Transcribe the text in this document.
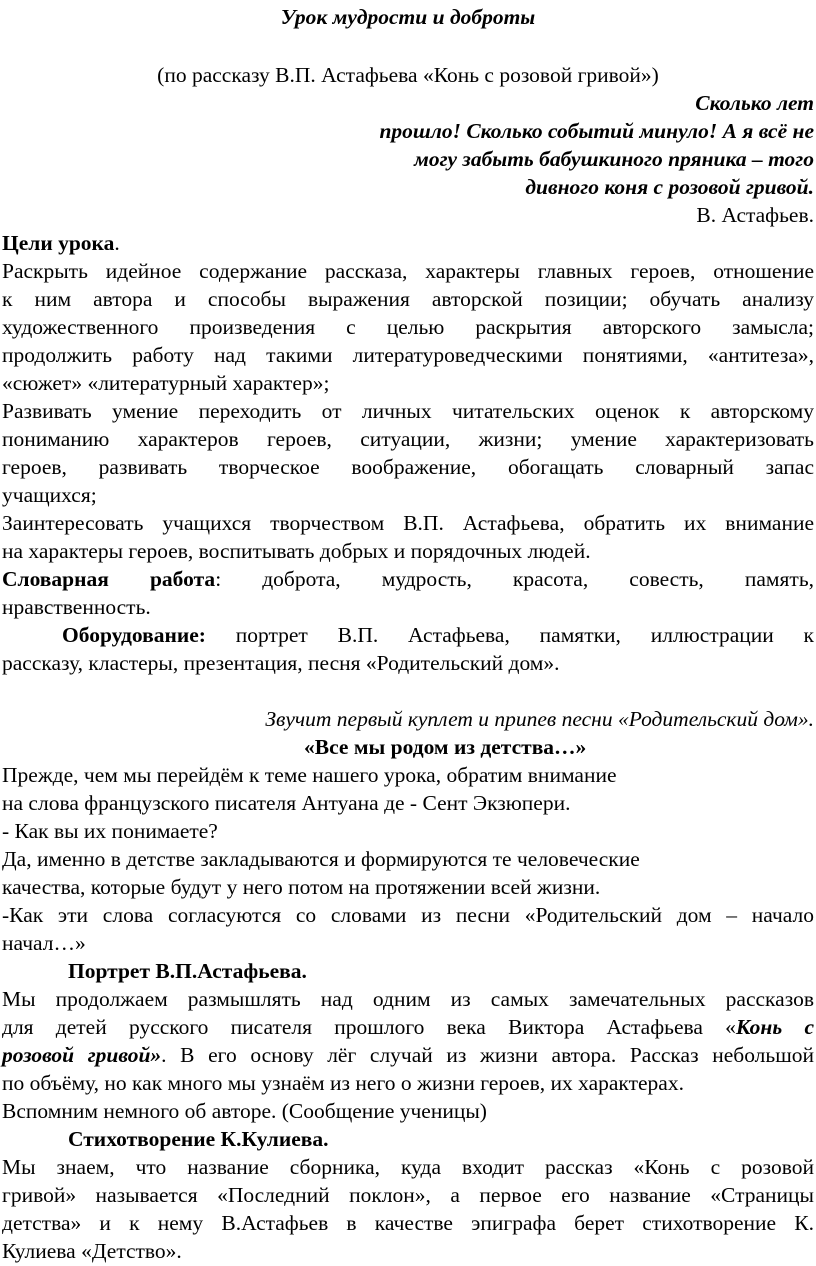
Урок мудрости и доброты
(по рассказу В.П. Астафьева «Конь с розовой гривой»)
Сколько лет
прошло! Сколько событий минуло! А я всё не
могу забыть бабушкиного пряника – того
дивного коня с розовой гривой.
В. Астафьев.
Цели урока.
Раскрыть идейное содержание рассказа, характеры главных героев, отношение
к ним автора и способы выражения авторской позиции; обучать анализу
художественного произведения с целью раскрытия авторского замысла;
продолжить работу над такими литературоведческими понятиями, «антитеза»,
«сюжет» «литературный характер»;
Развивать умение переходить от личных читательских оценок к авторскому
пониманию характеров героев, ситуации, жизни; умение характеризовать
героев, развивать творческое воображение, обогащать словарный запас
учащихся;
Заинтересовать учащихся творчеством В.П. Астафьева, обратить их внимание
на характеры героев, воспитывать добрых и порядочных людей.
Словарная работа: доброта, мудрость, красота, совесть, память,
нравственность.
Оборудование: портрет В.П. Астафьева, памятки, иллюстрации к
рассказу, кластеры, презентация, песня «Родительский дом».
Звучит первый куплет и припев песни «Родительский дом».
«Все мы родом из детства…»
Прежде, чем мы перейдём к теме нашего урока, обратим внимание
на слова французского писателя Антуана де - Сент Экзюпери.
- Как вы их понимаете?
Да, именно в детстве закладываются и формируются те человеческие
качества, которые будут у него потом на протяжении всей жизни.
-Как эти слова согласуются со словами из песни «Родительский дом – начало
начал…»
Портрет В.П.Астафьева.
Мы продолжаем размышлять над одним из самых замечательных рассказов
для детей русского писателя прошлого века Виктора Астафьева «Конь с
розовой гривой». В его основу лёг случай из жизни автора. Рассказ небольшой
по объёму, но как много мы узнаём из него о жизни героев, их характерах.
Вспомним немного об авторе. (Сообщение ученицы)
Стихотворение К.Кулиева.
Мы знаем, что название сборника, куда входит рассказ «Конь с розовой
гривой» называется «Последний поклон», а первое его название «Страницы
детства» и к нему В.Астафьев в качестве эпиграфа берет стихотворение К.
Кулиева «Детство».
